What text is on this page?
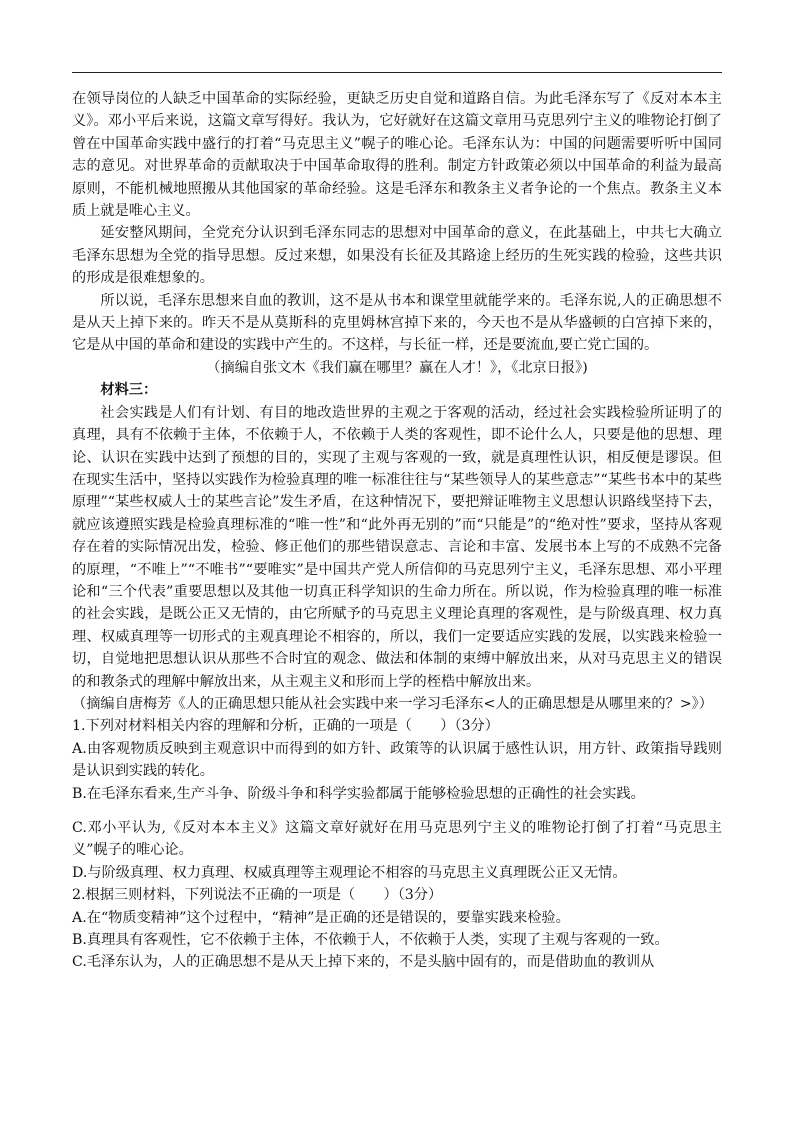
在领导岗位的人缺乏中国革命的实际经验，更缺乏历史自觉和道路自信。为此毛泽东写了《反对本本主义》。邓小平后来说，这篇文章写得好。我认为，它好就好在这篇文章用马克思列宁主义的唯物论打倒了曾在中国革命实践中盛行的打着“马克思主义”幌子的唯心论。毛泽东认为：中国的问题需要听听中国同志的意见。对世界革命的贡献取决于中国革命取得的胜利。制定方针政策必须以中国革命的利益为最高原则，不能机械地照搬从其他国家的革命经验。这是毛泽东和教条主义者争论的一个焦点。教条主义本质上就是唯心主义。

延安整风期间，全党充分认识到毛泽东同志的思想对中国革命的意义，在此基础上，中共七大确立毛泽东思想为全党的指导思想。反过来想，如果没有长征及其路途上经历的生死实践的检验，这些共识的形成是很难想象的。

所以说，毛泽东思想来自血的教训，这不是从书本和课堂里就能学来的。毛泽东说,人的正确思想不是从天上掉下来的。昨天不是从莫斯科的克里姆林宫掉下来的，今天也不是从华盛顿的白宫掉下来的，它是从中国的革命和建设的实践中产生的。不这样，与长征一样，还是要流血,要亡党亡国的。

（摘编自张文木《我们赢在哪里？赢在人才！》，《北京日报》)

材料三：

社会实践是人们有计划、有目的地改造世界的主观之于客观的活动，经过社会实践检验所证明了的真理，具有不依赖于主体，不依赖于人，不依赖于人类的客观性，即不论什么人，只要是他的思想、理论、认识在实践中达到了预想的目的，实现了主观与客观的一致，就是真理性认识，相反便是谬误。但在现实生活中，坚持以实践作为检验真理的唯一标准往往与“某些领导人的某些意志”“某些书本中的某些原理”“某些权威人士的某些言论”发生矛盾，在这种情况下，要把辩证唯物主义思想认识路线坚持下去，就应该遵照实践是检验真理标准的“唯一性”和“此外再无别的”而“只能是”的“绝对性”要求，坚持从客观存在着的实际情况出发，检验、修正他们的那些错误意志、言论和丰富、发展书本上写的不成熟不完备的原理，“不唯上”“不唯书”“要唯实”是中国共产党人所信仰的马克思列宁主义，毛泽东思想、邓小平理论和“三个代表”重要思想以及其他一切真正科学知识的生命力所在。所以说，作为检验真理的唯一标准的社会实践，是既公正又无情的，由它所赋予的马克思主义理论真理的客观性，是与阶级真理、权力真理、权威真理等一切形式的主观真理论不相容的，所以，我们一定要适应实践的发展，以实践来检验一切，自觉地把思想认识从那些不合时宜的观念、做法和体制的束缚中解放出来，从对马克思主义的错误的和教条式的理解中解放出来，从主观主义和形而上学的桎梏中解放出来。

（摘编自唐梅芳《人的正确思想只能从社会实践中来一学习毛泽东<人的正确思想是从哪里来的？>》）

1.下列对材料相关内容的理解和分析，正确的一项是（　　）（3分）

A.由客观物质反映到主观意识中而得到的如方针、政策等的认识属于感性认识，用方针、政策指导践则是认识到实践的转化。

B.在毛泽东看来,生产斗争、阶级斗争和科学实验都属于能够检验思想的正确性的社会实践。

C.邓小平认为,《反对本本主义》这篇文章好就好在用马克思列宁主义的唯物论打倒了打着“马克思主义”幌子的唯心论。

D.与阶级真理、权力真理、权威真理等主观理论不相容的马克思主义真理既公正又无情。

2.根据三则材料，下列说法不正确的一项是（　　）（3分）

A.在“物质变精神”这个过程中，“精神”是正确的还是错误的，要靠实践来检验。

B.真理具有客观性，它不依赖于主体，不依赖于人，不依赖于人类，实现了主观与客观的一致。

C.毛泽东认为，人的正确思想不是从天上掉下来的，不是头脑中固有的，而是借助血的教训从
